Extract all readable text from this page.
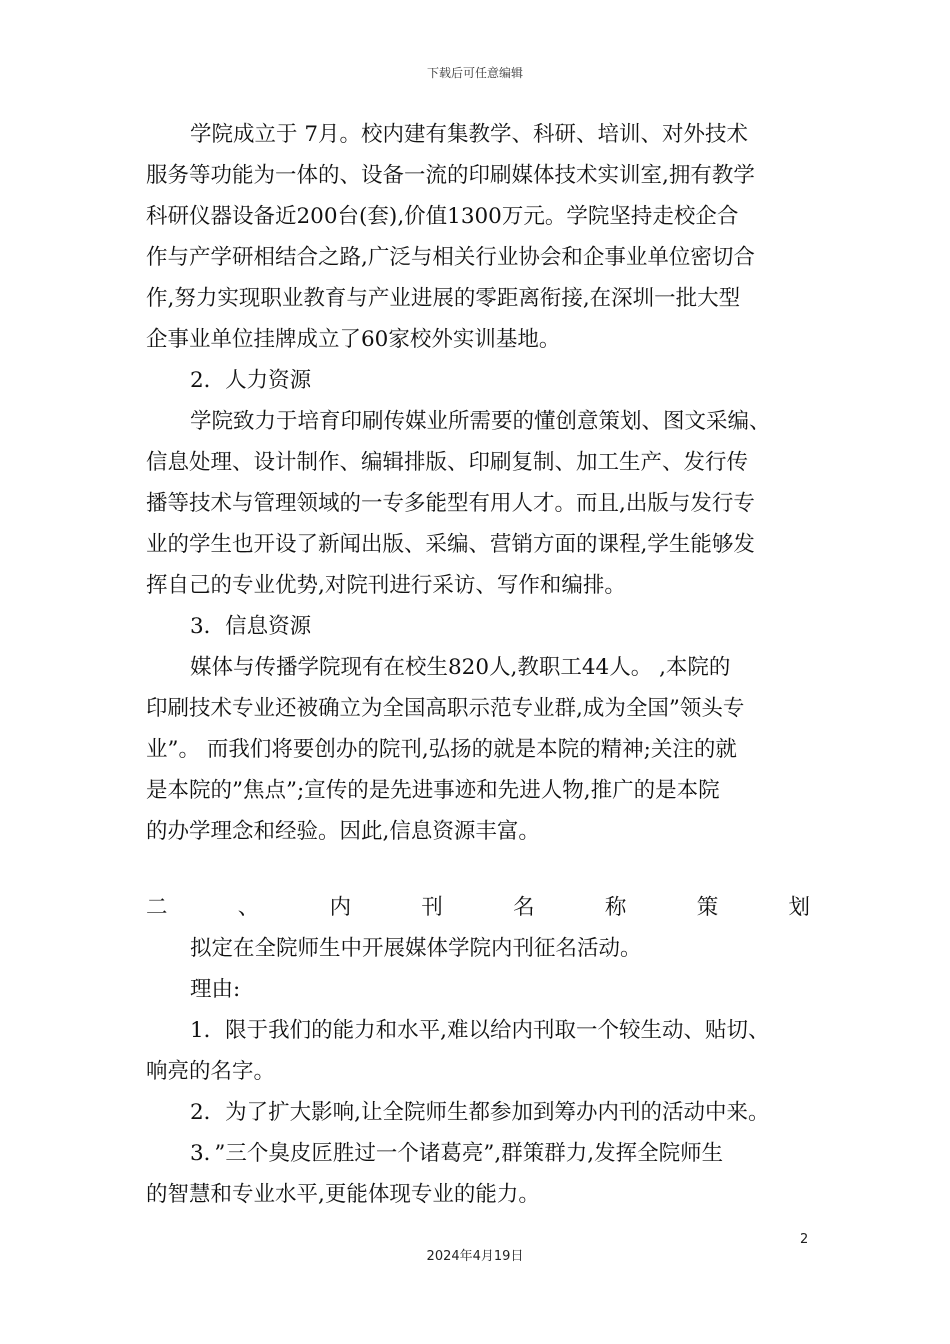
下载后可任意编辑
学院成立于 7月。校内建有集教学、科研、培训、对外技术
服务等功能为一体的、设备一流的印刷媒体技术实训室,拥有教学
科研仪器设备近200台(套),价值1300万元。学院坚持走校企合
作与产学研相结合之路,广泛与相关行业协会和企事业单位密切合
作,努力实现职业教育与产业进展的零距离衔接,在深圳一批大型
企事业单位挂牌成立了60家校外实训基地。
2．人力资源
学院致力于培育印刷传媒业所需要的懂创意策划、图文采编、
信息处理、设计制作、编辑排版、印刷复制、加工生产、发行传
播等技术与管理领域的一专多能型有用人才。而且,出版与发行专
业的学生也开设了新闻出版、采编、营销方面的课程,学生能够发
挥自己的专业优势,对院刊进行采访、写作和编排。
3．信息资源
媒体与传播学院现有在校生820人,教职工44人。 ,本院的
印刷技术专业还被确立为全国高职示范专业群,成为全国”领头专
业”。 而我们将要创办的院刊,弘扬的就是本院的精神;关注的就
是本院的”焦点”;宣传的是先进事迹和先进人物,推广的是本院
的办学理念和经验。因此,信息资源丰富。
二	、	内	刊	名	称	策	划
拟定在全院师生中开展媒体学院内刊征名活动。
理由:
1．限于我们的能力和水平,难以给内刊取一个较生动、贴切、
响亮的名字。
2．为了扩大影响,让全院师生都参加到筹办内刊的活动中来。
3．”三个臭皮匠胜过一个诸葛亮”,群策群力,发挥全院师生
的智慧和专业水平,更能体现专业的能力。
2
2024年4月19日
